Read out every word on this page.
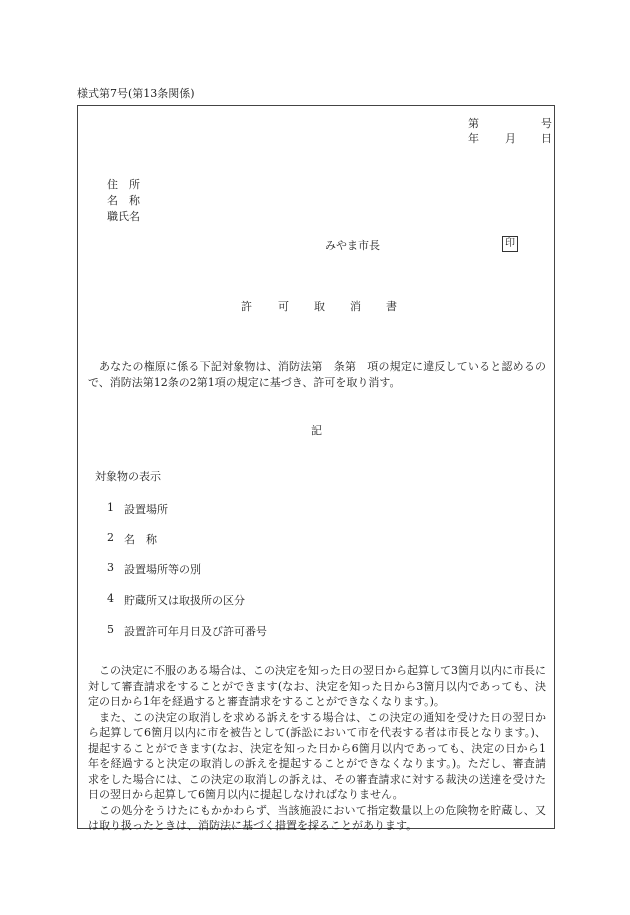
様式第7号(第13条関係)
第	号
年 月 日
住　所
名　称
職氏名
みやま市長	印
許 可 取 消 書

あなたの権原に係る下記対象物は、消防法第　条第　項の規定に違反していると認めるので、消防法第12条の2第1項の規定に基づき、許可を取り消す。

記
対象物の表示
1 設置場所
2 名　称
3 設置場所等の別
4 貯蔵所又は取扱所の区分
5 設置許可年月日及び許可番号

この決定に不服のある場合は、この決定を知った日の翌日から起算して3箇月以内に市長に対して審査請求をすることができます(なお、決定を知った日から3箇月以内であっても、決定の日から1年を経過すると審査請求をすることができなくなります。)。

また、この決定の取消しを求める訴えをする場合は、この決定の通知を受けた日の翌日から起算して6箇月以内に市を被告として(訴訟において市を代表する者は市長となります。)、提起することができます(なお、決定を知った日から6箇月以内であっても、決定の日から1年を経過すると決定の取消しの訴えを提起することができなくなります。)。ただし、審査請求をした場合には、この決定の取消しの訴えは、その審査請求に対する裁決の送達を受けた日の翌日から起算して6箇月以内に提起しなければなりません。

この処分をうけたにもかかわらず、当該施設において指定数量以上の危険物を貯蔵し、又は取り扱ったときは、消防法に基づく措置を採ることがあります。
